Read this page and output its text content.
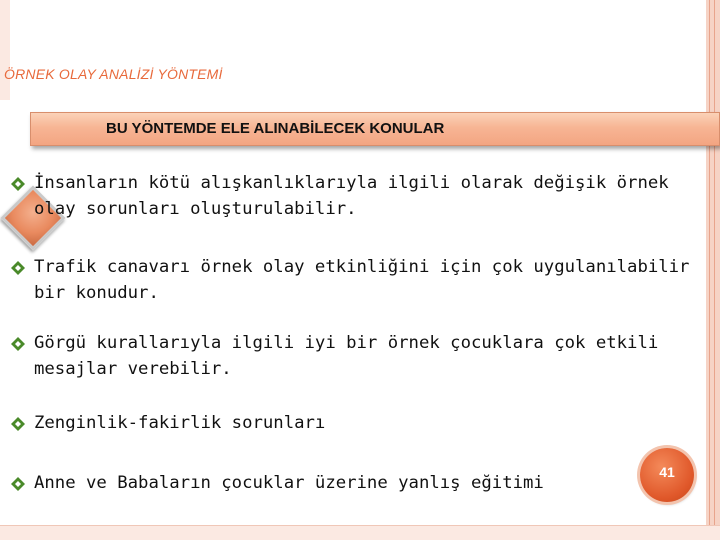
ÖRNEK OLAY ANALİZİ YÖNTEMİ
BU YÖNTEMDE ELE ALINABİLECEK KONULAR
İnsanların kötü alışkanlıklarıyla ilgili olarak değişik örnek olay sorunları oluşturulabilir.
Trafik canavarı örnek olay etkinliğini için çok uygulanılabilir bir konudur.
Görgü kurallarıyla ilgili iyi bir örnek çocuklara çok etkili mesajlar verebilir.
Zenginlik-fakirlik sorunları
Anne ve Babaların çocuklar üzerine yanlış eğitimi
41
